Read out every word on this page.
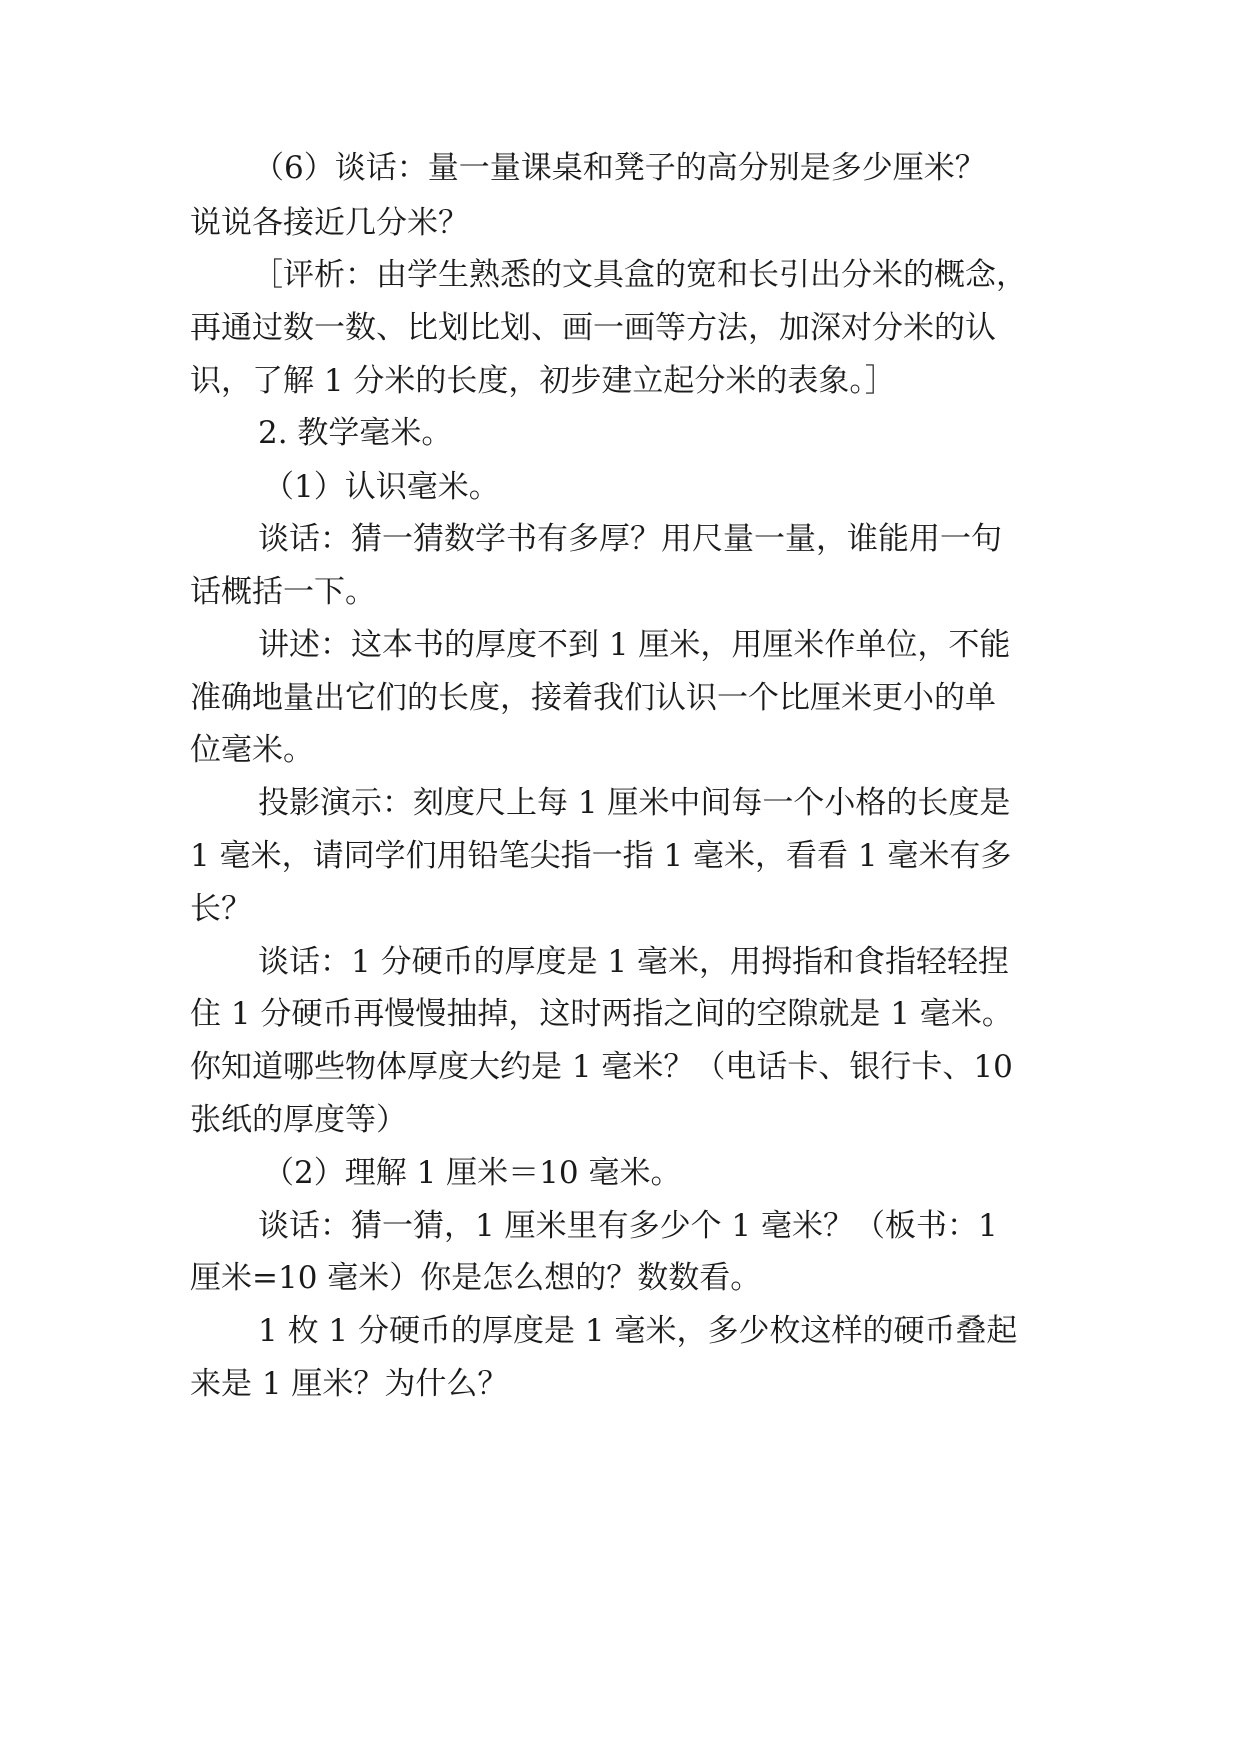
（6）谈话：量一量课桌和凳子的高分别是多少厘米？

说说各接近几分米？

［评析：由学生熟悉的文具盒的宽和长引出分米的概念，

再通过数一数、比划比划、画一画等方法，加深对分米的认

识，了解 1 分米的长度，初步建立起分米的表象。］

2. 教学毫米。

（1）认识毫米。

谈话：猜一猜数学书有多厚？用尺量一量，谁能用一句

话概括一下。

讲述：这本书的厚度不到 1 厘米，用厘米作单位，不能

准确地量出它们的长度，接着我们认识一个比厘米更小的单

位毫米。

投影演示：刻度尺上每 1 厘米中间每一个小格的长度是

1 毫米，请同学们用铅笔尖指一指 1 毫米，看看 1 毫米有多

长？

谈话：1 分硬币的厚度是 1 毫米，用拇指和食指轻轻捏

住 1 分硬币再慢慢抽掉，这时两指之间的空隙就是 1 毫米。

你知道哪些物体厚度大约是 1 毫米？（电话卡、银行卡、10

张纸的厚度等）

（2）理解 1 厘米＝10 毫米。

谈话：猜一猜，1 厘米里有多少个 1 毫米？（板书：1

厘米=10 毫米）你是怎么想的？数数看。

1 枚 1 分硬币的厚度是 1 毫米，多少枚这样的硬币叠起

来是 1 厘米？为什么？
